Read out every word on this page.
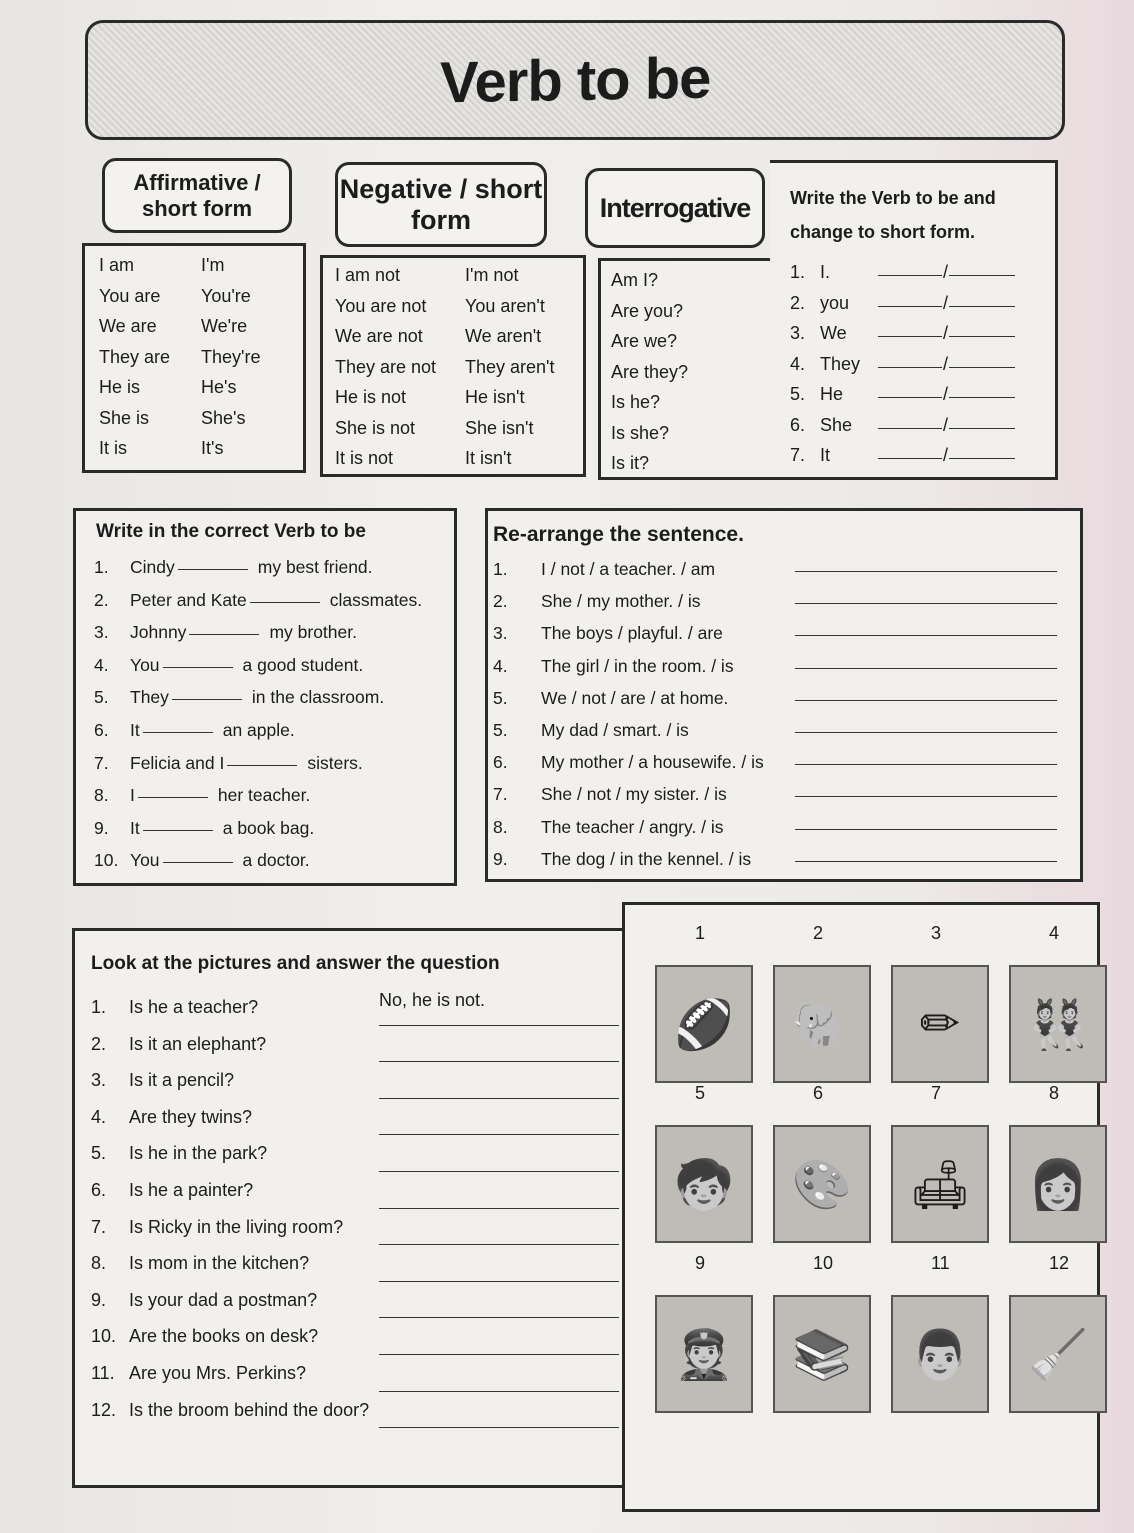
Verb to be
Affirmative / short form
Negative / short form	Interrogative
I am	I'm
You are	You're
We are	We're
They are	They're
He is	He's
She is	She's
It is	It's
I am not	I'm not
You are not	You aren't
We are not	We aren't
They are not	They aren't
He is not	He isn't
She is not	She isn't
It is not	It isn't
Am I?
Are you?
Are we?
Are they?
Is he?
Is she?
Is it?
Write the Verb to be and change to short form.
1. I.	/
2. you	/
3. We	/
4. They	/
5. He	/
6. She	/
7. It	/
Write in the correct Verb to be
1.	Cindy	my best friend.
2.	Peter and Kate	classmates.
3.	Johnny	my brother.
4.	You	a good student.
5.	They	in the classroom.
6.	It	an apple.
7.	Felicia and I	sisters.
8.	I	her teacher.
9.	It	a book bag.
10. You	a doctor.
Re-arrange the sentence.
1.	I / not / a teacher. / am
2.	She / my mother. / is
3.	The boys / playful. / are
4.	The girl / in the room. / is
5.	We / not / are / at home.
5.	My dad / smart. / is
6.	My mother / a housewife. / is
7.	She / not / my sister. / is
8.	The teacher / angry. / is
9.	The dog / in the kennel. / is
Look at the pictures and answer the question
1.	Is he a teacher?	No, he is not.
2.	Is it an elephant?
3.	Is it a pencil?
4.	Are they twins?
5.	Is he in the park?
6.	Is he a painter?
7.	Is Ricky in the living room?
8.	Is mom in the kitchen?
9.	Is your dad a postman?
10. Are the books on desk?
11. Are you Mrs. Perkins?
12. Is the broom behind the door?
1
🏈
2
🐘
3
✏
4
👯
5
🧒
6
🎨
7
🛋
8
👩
9
👮
10
📚
11
👨
12
🧹
